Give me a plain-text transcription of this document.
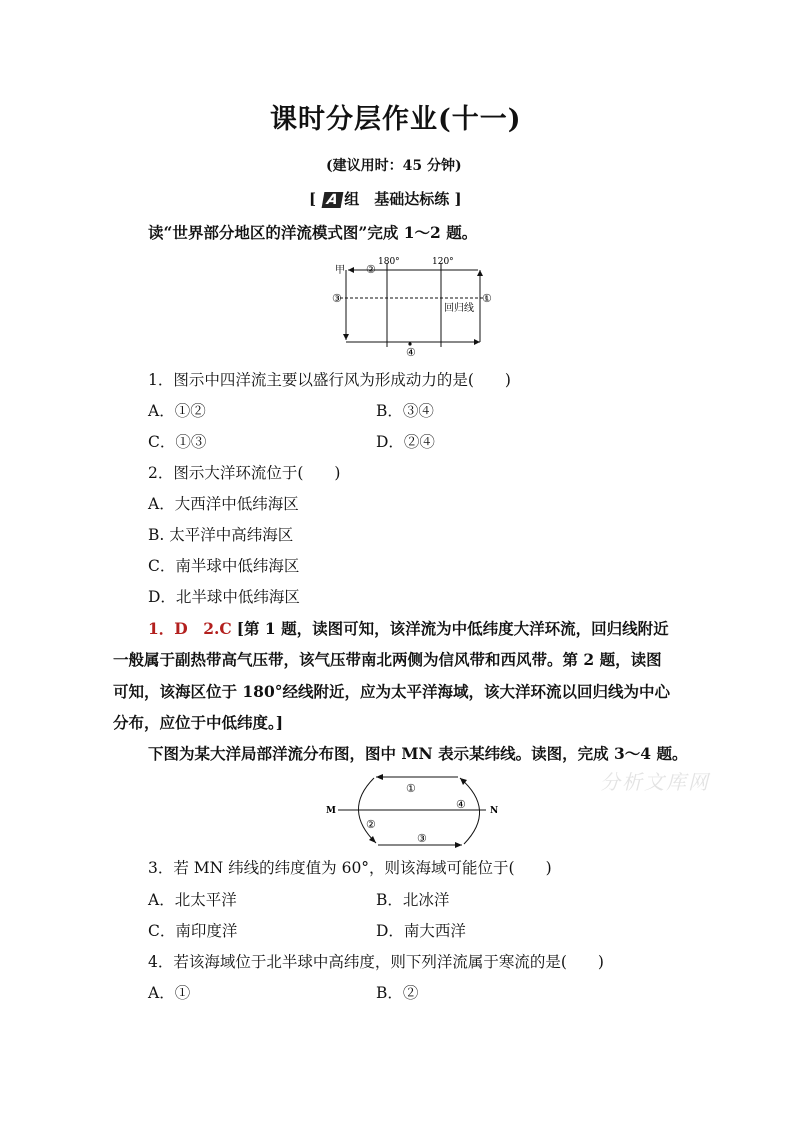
课时分层作业(十一)
(建议用时：45 分钟)
[ A 组　基础达标练 ]
读“世界部分地区的洋流模式图”完成 1～2 题。
甲 ②
180°	120°
③	①
回归线
④
1．图示中四洋流主要以盛行风为形成动力的是(　　)
A．①②	B．③④
C．①③	D．②④
2．图示大洋环流位于(　　)
A．大西洋中低纬海区
B. 太平洋中高纬海区
C．南半球中低纬海区
D．北半球中低纬海区
1．D　2.C [第 1 题，读图可知，该洋流为中低纬度大洋环流，回归线附近
一般属于副热带高气压带，该气压带南北两侧为信风带和西风带。第 2 题，读图
可知，该海区位于 180°经线附近，应为太平洋海域，该大洋环流以回归线为中心
分布，应位于中低纬度。]
下图为某大洋局部洋流分布图，图中 MN 表示某纬线。读图，完成 3～4 题。
分析文库网
M	N
①
②
③
④
3．若 MN 纬线的纬度值为 60°，则该海域可能位于(　　)
A．北太平洋	B．北冰洋
C．南印度洋	D．南大西洋
4．若该海域位于北半球中高纬度，则下列洋流属于寒流的是(　　)
A．①	B．②
